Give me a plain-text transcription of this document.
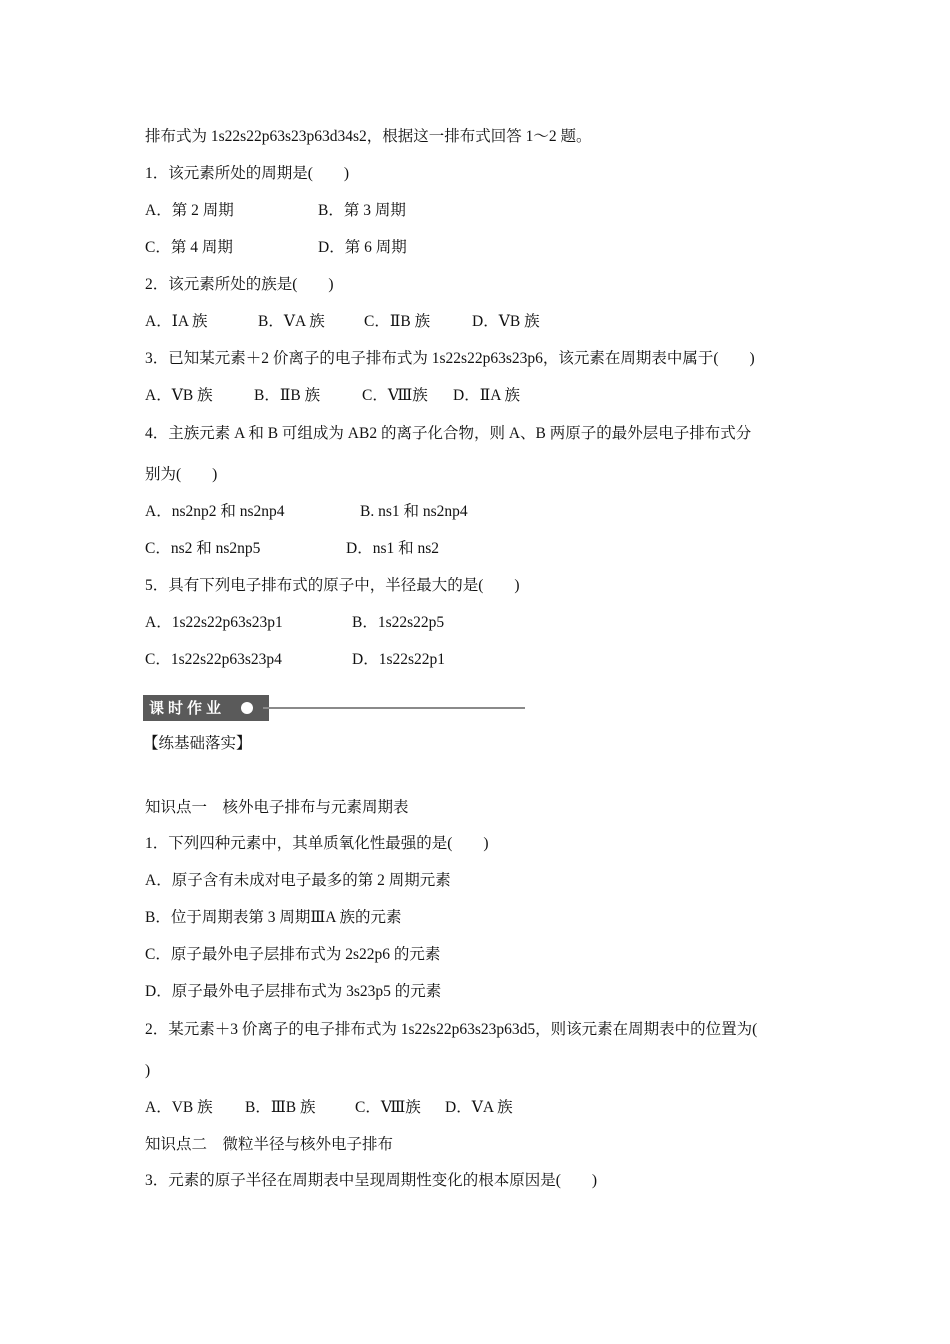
排布式为 1s22s22p63s23p63d34s2，根据这一排布式回答 1～2 题。
1．该元素所处的周期是(　　)
A．第 2 周期	B．第 3 周期
C．第 4 周期	D．第 6 周期
2．该元素所处的族是(　　)
A．ⅠA 族	B．ⅤA 族	C．ⅡB 族	D．ⅤB 族
3．已知某元素＋2 价离子的电子排布式为 1s22s22p63s23p6，该元素在周期表中属于(　　)
A．ⅤB 族	B．ⅡB 族	C．Ⅷ族 D．ⅡA 族
4．主族元素 A 和 B 可组成为 AB2 的离子化合物，则 A、B 两原子的最外层电子排布式分
别为(　　)
A．ns2np2 和 ns2np4	B. ns1 和 ns2np4
C．ns2 和 ns2np5	D．ns1 和 ns2
5．具有下列电子排布式的原子中，半径最大的是(　　)
A．1s22s22p63s23p1	B．1s22s22p5
C．1s22s22p63s23p4	D．1s22s22p1
课时作业
【练基础落实】
知识点一　核外电子排布与元素周期表
1．下列四种元素中，其单质氧化性最强的是(　　)
A．原子含有未成对电子最多的第 2 周期元素
B．位于周期表第 3 周期ⅢA 族的元素
C．原子最外电子层排布式为 2s22p6 的元素
D．原子最外电子层排布式为 3s23p5 的元素
2．某元素＋3 价离子的电子排布式为 1s22s22p63s23p63d5，则该元素在周期表中的位置为(
)
A．VB 族 B．ⅢB 族	C．Ⅷ族 D．ⅤA 族
知识点二　微粒半径与核外电子排布
3．元素的原子半径在周期表中呈现周期性变化的根本原因是(　　)
